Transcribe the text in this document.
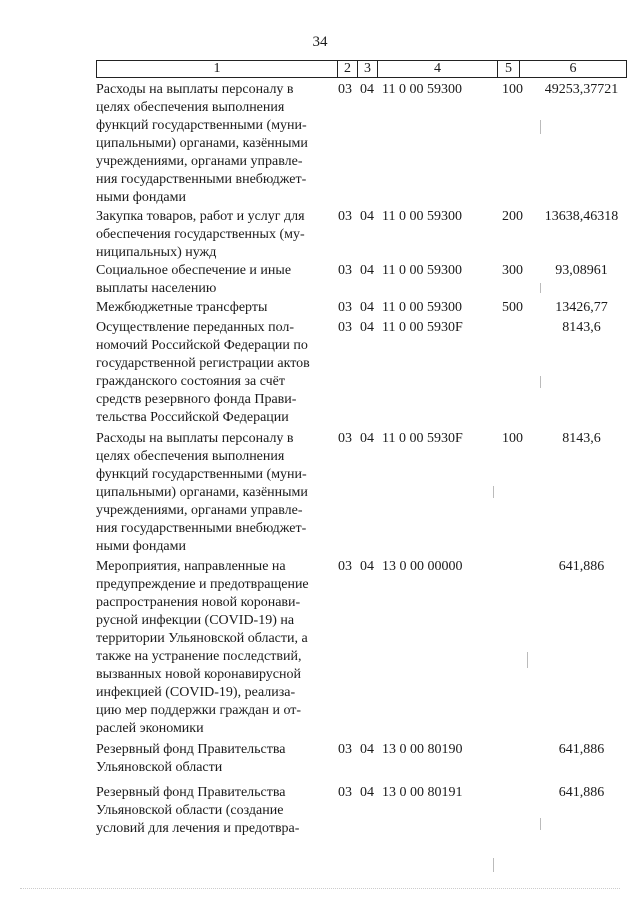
34
1	2 3	4	5	6
Расходы на выплаты персоналу в
целях обеспечения выполнения
функций государственными (муни-
ципальными) органами, казёнными
учреждениями, органами управле-
ния государственными внебюджет-
ными фондами
03 04 11 0 00 59300	100	49253,37721
Закупка товаров, работ и услуг для
обеспечения государственных (му-
ниципальных) нужд
03 04 11 0 00 59300	200	13638,46318
Социальное обеспечение и иные
выплаты населению
03 04 11 0 00 59300	300	93,08961
Межбюджетные трансферты	03 04 11 0 00 59300	500	13426,77
Осуществление переданных пол-
номочий Российской Федерации по
государственной регистрации актов
гражданского состояния за счёт
средств резервного фонда Прави-
тельства Российской Федерации
03 04 11 0 00 5930F	8143,6
Расходы на выплаты персоналу в
целях обеспечения выполнения
функций государственными (муни-
ципальными) органами, казёнными
учреждениями, органами управле-
ния государственными внебюджет-
ными фондами
03 04 11 0 00 5930F	100	8143,6
Мероприятия, направленные на
предупреждение и предотвращение
распространения новой коронави-
русной инфекции (COVID-19) на
территории Ульяновской области, а
также на устранение последствий,
вызванных новой коронавирусной
инфекцией (COVID-19), реализа-
цию мер поддержки граждан и от-
раслей экономики
03 04 13 0 00 00000	641,886
Резервный фонд Правительства
Ульяновской области
03 04 13 0 00 80190	641,886
Резервный фонд Правительства
Ульяновской области (создание
условий для лечения и предотвра-
03 04 13 0 00 80191	641,886
